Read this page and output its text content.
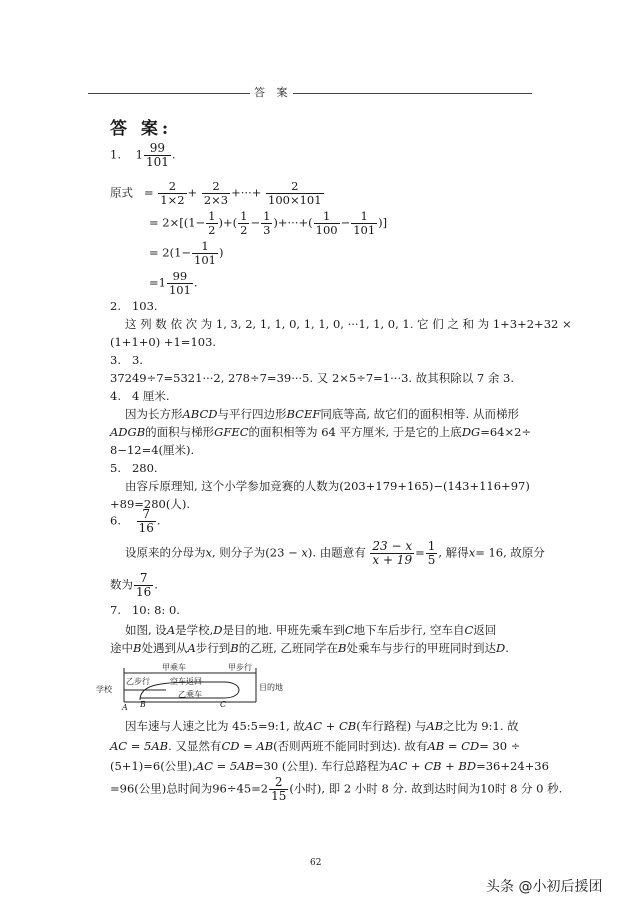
答 案
答 案:
1. $1 \frac{99}{101}$ .
原式 = $\frac{2}{1\times 2} + \frac{2}{2\times 3}$ +···+ $\frac{2}{100\times 101}$
= $2\times[(1- \frac{1}{2}$ )+( $\frac{1}{2} - \frac{1}{3}$ )+···+( $\frac{1}{100} - \frac{1}{101}$ )]
= $2(1- \frac{1}{101}$ )
$=1 \frac{99}{101}$ .
2. 103.
这 列 数 依 次 为 1, 3, 2, 1, 1, 0, 1, 1, 0, ···1, 1, 0, 1. 它 们 之 和 为 1+3+2+32 ×
(1+1+0) +1=103.
3. 3.
37249÷7=5321···2, 278÷7=39···5. 又 2×5÷7=1···3. 故其积除以 7 余 3.
4. 4 厘米.
因为长方形ABCD与平行四边形BCEF同底等高, 故它们的面积相等. 从而梯形
ADGB的面积与梯形GFEC的面积相等为 64 平方厘米, 于是它的上底DG=64×2÷
8−12=4(厘米).
5. 280.
由容斥原理知, 这个小学参加竞赛的人数为(203+179+165)−(143+116+97)
+89=280(人).
6. $\frac{7}{16}$ .
设原来的分母为x, 则分子为(23 − x). 由题意有 $\frac{23 - x}{x + 19} = \frac{1}{5}$ , 解得x= 16, 故原分
数为 $\frac{7}{16}$ .
7. 10: 8: 0.
如图, 设A是学校,D是目的地. 甲班先乘车到C地下车后步行, 空车自C返回
途中B处遇到从A步行到B的乙班, 乙班同学在B处乘车与步行的甲班同时到达D.
学校	目的地
甲乘车	甲步行
乙步行	空车返回
乙乘车
A B	C
因车速与人速之比为 45:5=9:1, 故AC + CB(车行路程) 与AB之比为 9:1. 故
AC = 5AB. 又显然有CD = AB(否则两班不能同时到达). 故有AB = CD= 30 ÷
(5+1)=6(公里),AC = 5AB=30 (公里). 车行总路程为AC + CB + BD=36+24+36
=96(公里)总时间为$96\div 45=2 \frac{2}{15}$ (小时), 即 2 小时 8 分. 故到达时间为10时 8 分 0 秒.
62
头条 @小初后援团
